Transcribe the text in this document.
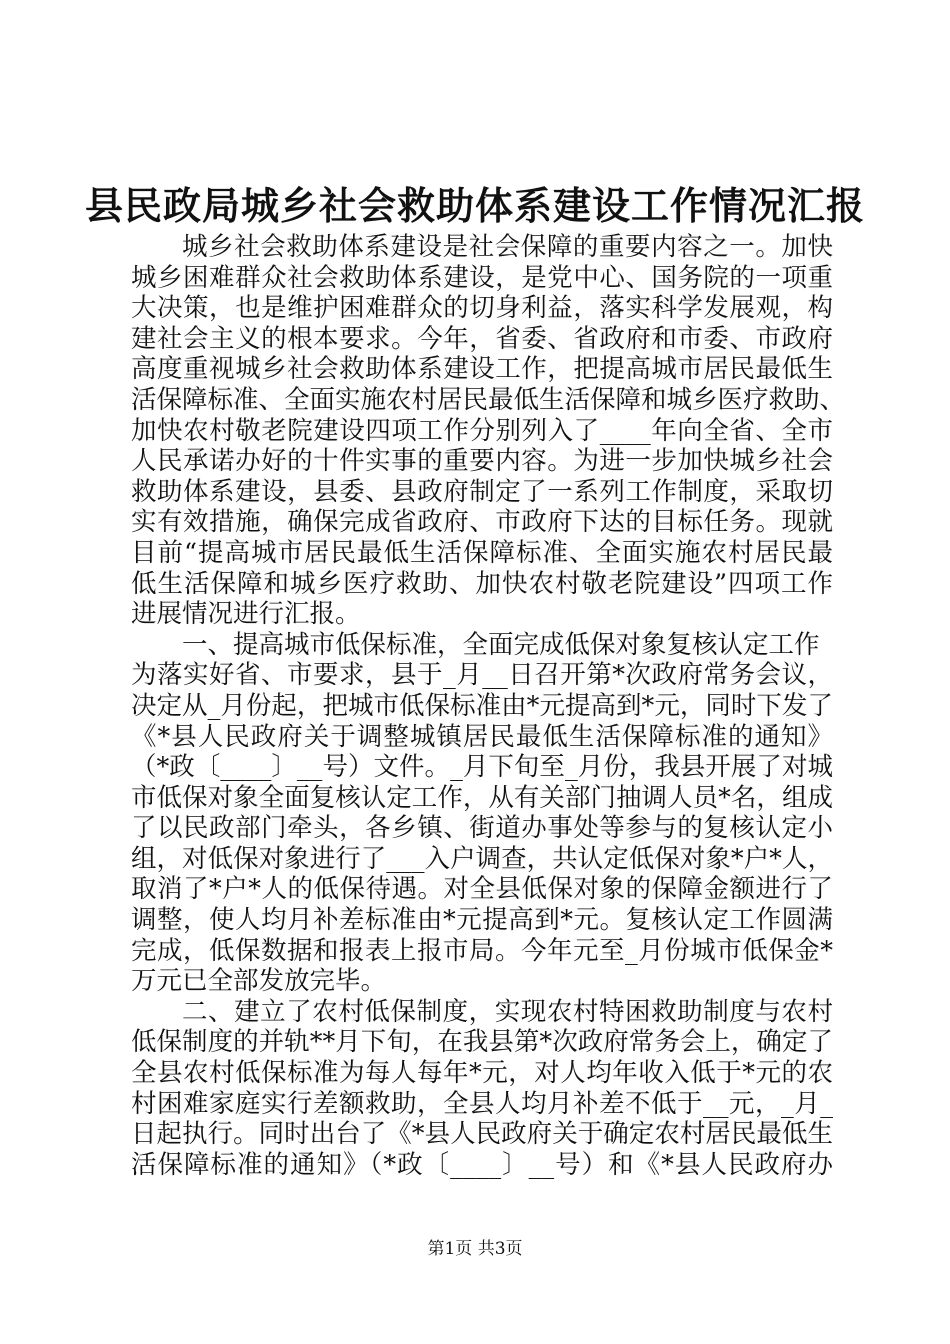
县民政局城乡社会救助体系建设工作情况汇报
城乡社会救助体系建设是社会保障的重要内容之一。加快
城乡困难群众社会救助体系建设，是党中心、国务院的一项重
大决策，也是维护困难群众的切身利益，落实科学发展观，构
建社会主义的根本要求。今年，省委、省政府和市委、市政府
高度重视城乡社会救助体系建设工作，把提高城市居民最低生
活保障标准、全面实施农村居民最低生活保障和城乡医疗救助、
加快农村敬老院建设四项工作分别列入了____年向全省、全市
人民承诺办好的十件实事的重要内容。为进一步加快城乡社会
救助体系建设，县委、县政府制定了一系列工作制度，采取切
实有效措施，确保完成省政府、市政府下达的目标任务。现就
目前“提高城市居民最低生活保障标准、全面实施农村居民最
低生活保障和城乡医疗救助、加快农村敬老院建设”四项工作
进展情况进行汇报。
一、提高城市低保标准，全面完成低保对象复核认定工作
为落实好省、市要求，县于_月__日召开第*次政府常务会议，
决定从_月份起，把城市低保标准由*元提高到*元，同时下发了
《*县人民政府关于调整城镇居民最低生活保障标准的通知》
（*政〔____〕__号）文件。_月下旬至_月份，我县开展了对城
市低保对象全面复核认定工作，从有关部门抽调人员*名，组成
了以民政部门牵头，各乡镇、街道办事处等参与的复核认定小
组，对低保对象进行了___入户调查，共认定低保对象*户*人，
取消了*户*人的低保待遇。对全县低保对象的保障金额进行了
调整，使人均月补差标准由*元提高到*元。复核认定工作圆满
完成，低保数据和报表上报市局。今年元至_月份城市低保金*
万元已全部发放完毕。
二、建立了农村低保制度，实现农村特困救助制度与农村
低保制度的并轨**月下旬，在我县第*次政府常务会上，确定了
全县农村低保标准为每人每年*元，对人均年收入低于*元的农
村困难家庭实行差额救助，全县人均月补差不低于__元，_月_
日起执行。同时出台了《*县人民政府关于确定农村居民最低生
活保障标准的通知》（*政〔____〕__号）和《*县人民政府办
第1页 共3页
